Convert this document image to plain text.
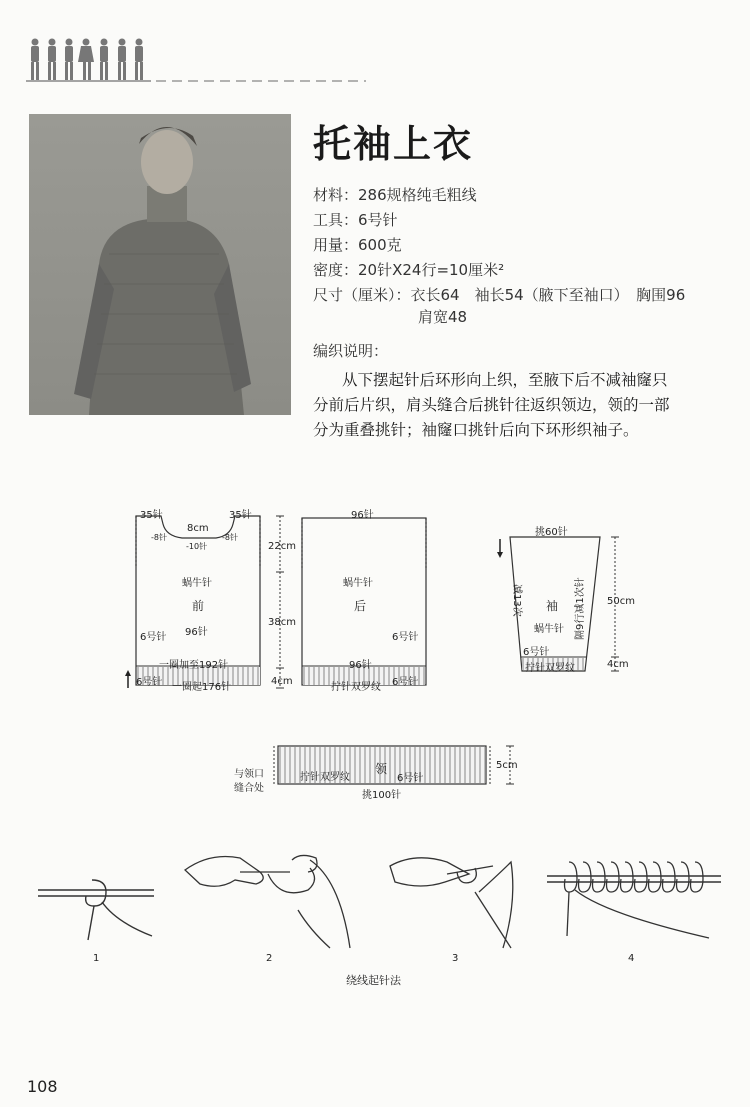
托袖上衣
材料：286规格纯毛粗线
工具：6号针
用量：600克
密度：20针X24行=10厘米²
尺寸（厘米）：衣长64　袖长54（腋下至袖口）　胸围96
肩宽48
编织说明：
从下摆起针后环形向上织，至腋下后不减袖窿只
分前后片织，肩头缝合后挑针往返织领边，领的一部
分为重叠挑针；袖窿口挑针后向下环形织袖子。
35针
8cm
35针
-8针
-10针
-8针
蜗牛针
前
96针
6号针
一圈加至192针
6号针 一圈起176针
22cm
38cm
4cm
96针
蜗牛针
后
6号针
96针
拧针双罗纹 6号针
挑60针
减13次	袖
蜗牛针	隔9行减1次针
6号针
拧针双罗纹
50cm
4cm
与领口
缝合处
拧针双罗纹
领
6号针
5cm
挑100针
1	2	3	4
绕线起针法
108
